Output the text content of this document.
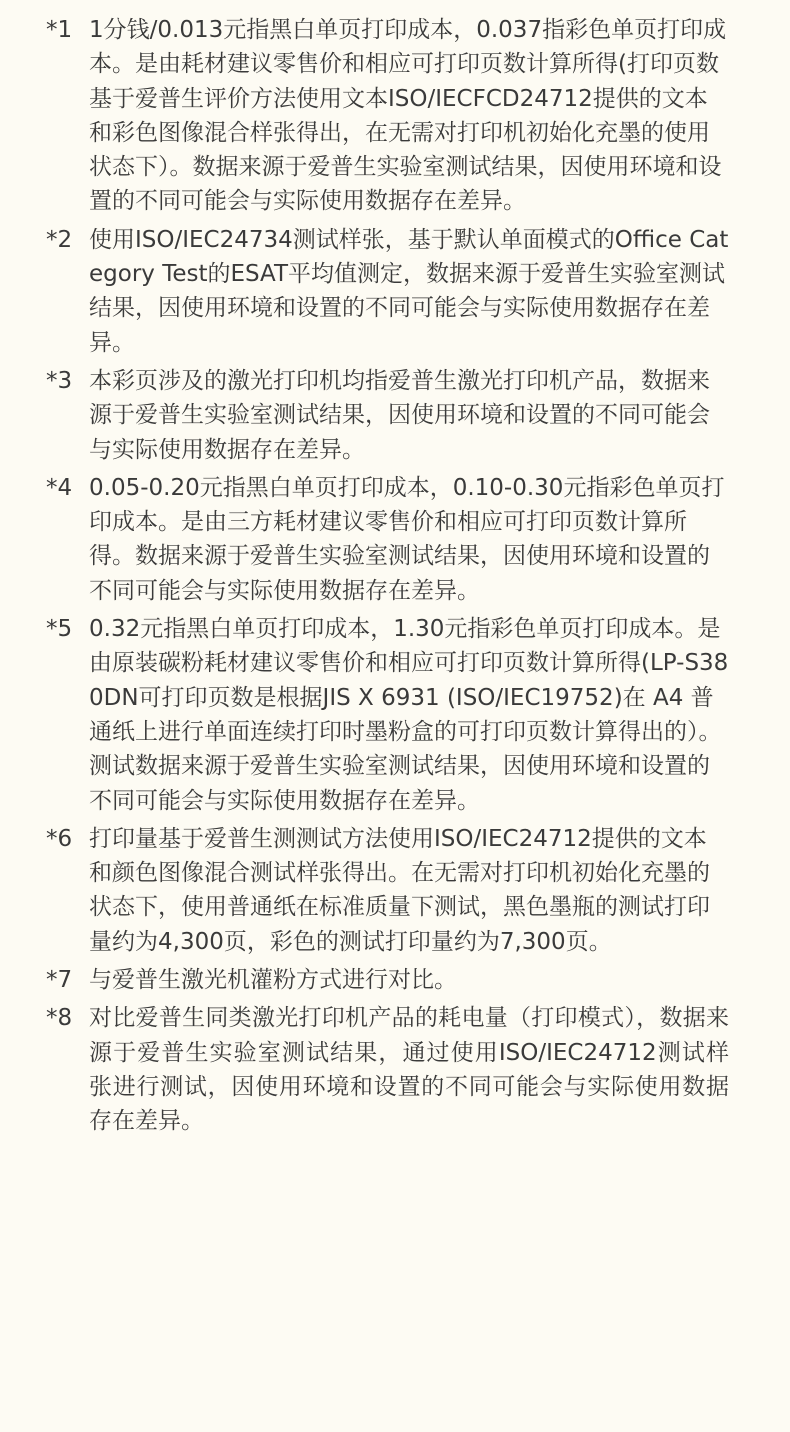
*1 1分钱/0.013元指黑白单页打印成本，0.037指彩色单页打印成本。是由耗材建议零售价和相应可打印页数计算所得(打印页数基于爱普生评价方法使用文本ISO/IECFCD24712提供的文本和彩色图像混合样张得出，在无需对打印机初始化充墨的使用状态下）。数据来源于爱普生实验室测试结果，因使用环境和设置的不同可能会与实际使用数据存在差异。
*2 使用ISO/IEC24734测试样张，基于默认单面模式的Office Category Test的ESAT平均值测定，数据来源于爱普生实验室测试结果，因使用环境和设置的不同可能会与实际使用数据存在差异。
*3 本彩页涉及的激光打印机均指爱普生激光打印机产品，数据来源于爱普生实验室测试结果，因使用环境和设置的不同可能会与实际使用数据存在差异。
*4 0.05-0.20元指黑白单页打印成本，0.10-0.30元指彩色单页打印成本。是由三方耗材建议零售价和相应可打印页数计算所得。数据来源于爱普生实验室测试结果，因使用环境和设置的不同可能会与实际使用数据存在差异。
*5 0.32元指黑白单页打印成本，1.30元指彩色单页打印成本。是由原装碳粉耗材建议零售价和相应可打印页数计算所得(LP-S380DN可打印页数是根据JIS X 6931 (ISO/IEC19752)在 A4 普通纸上进行单面连续打印时墨粉盒的可打印页数计算得出的）。测试数据来源于爱普生实验室测试结果，因使用环境和设置的不同可能会与实际使用数据存在差异。
*6 打印量基于爱普生测测试方法使用ISO/IEC24712提供的文本和颜色图像混合测试样张得出。在无需对打印机初始化充墨的状态下，使用普通纸在标准质量下测试，黑色墨瓶的测试打印量约为4,300页，彩色的测试打印量约为7,300页。
*7 与爱普生激光机灌粉方式进行对比。
*8 对比爱普生同类激光打印机产品的耗电量（打印模式），数据来源于爱普生实验室测试结果，通过使用ISO/IEC24712测试样张进行测试，因使用环境和设置的不同可能会与实际使用数据存在差异。
